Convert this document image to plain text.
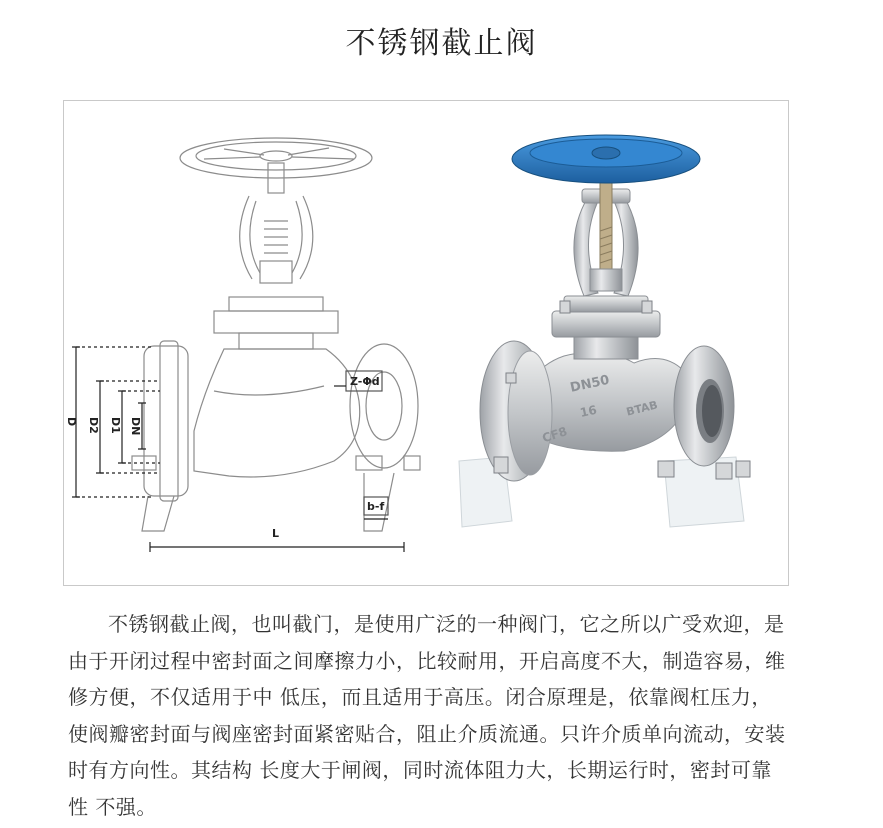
不锈钢截止阀
D D2 D1 DN
Z-Φd
b-f
L
DN50
16
CF8
BTAB
不锈钢截止阀，也叫截门，是使用广泛的一种阀门，它之所以广受欢迎，是由于开闭过程中密封面之间摩擦力小，比较耐用，开启高度不大，制造容易，维修方便，不仅适用于中 低压，而且适用于高压。闭合原理是，依靠阀杠压力，使阀瓣密封面与阀座密封面紧密贴合，阻止介质流通。只许介质单向流动，安装时有方向性。其结构 长度大于闸阀，同时流体阻力大，长期运行时，密封可靠性 不强。
